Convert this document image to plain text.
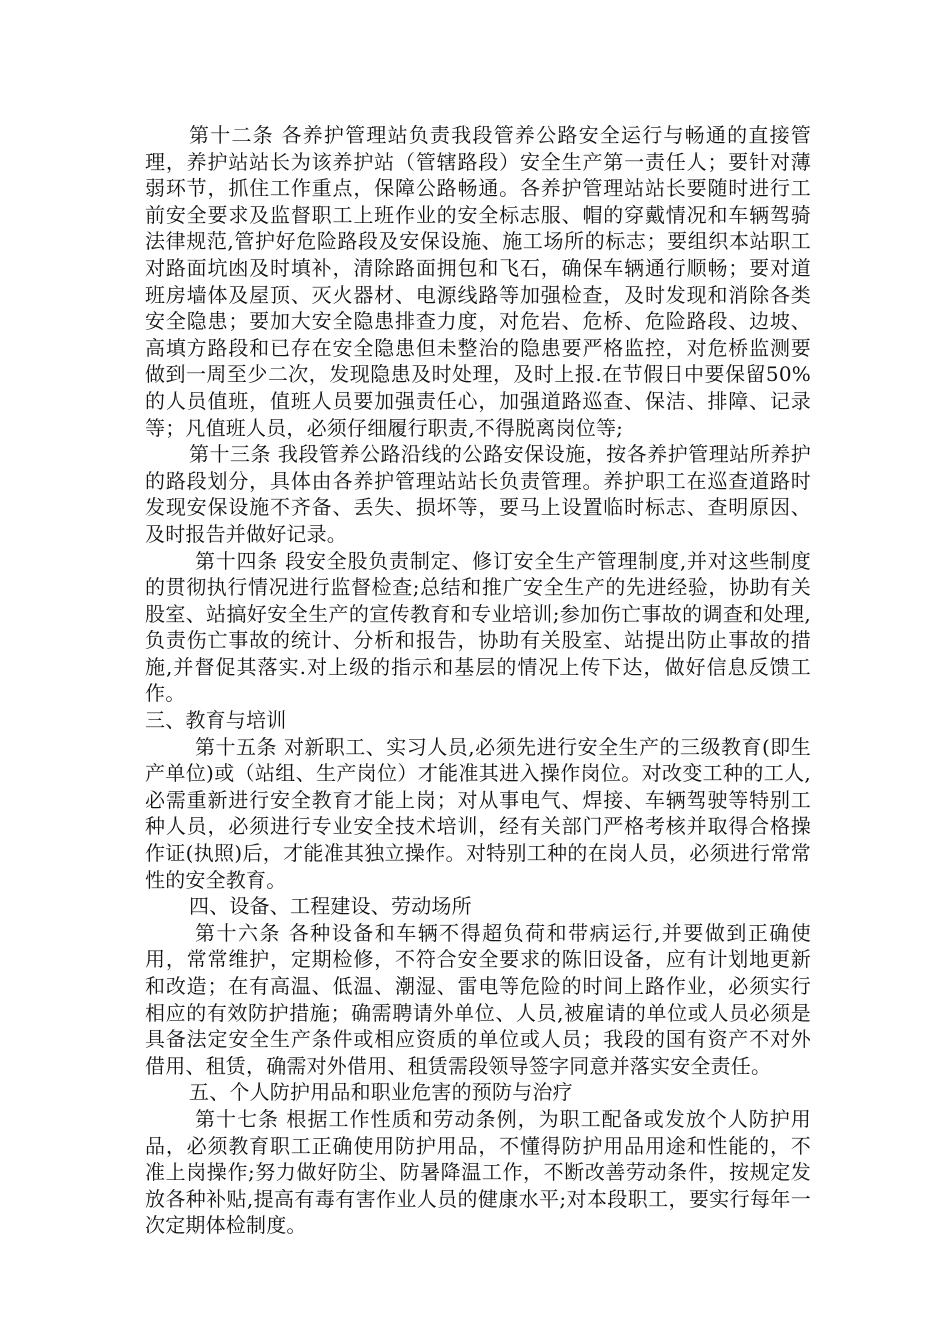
第十二条 各养护管理站负责我段管养公路安全运行与畅通的直接管理，养护站站长为该养护站（管辖路段）安全生产第一责任人；要针对薄弱环节，抓住工作重点，保障公路畅通。各养护管理站站长要随时进行工前安全要求及监督职工上班作业的安全标志服、帽的穿戴情况和车辆驾骑法律规范,管护好危险路段及安保设施、施工场所的标志；要组织本站职工对路面坑凼及时填补，清除路面拥包和飞石，确保车辆通行顺畅；要对道班房墙体及屋顶、灭火器材、电源线路等加强检查，及时发现和消除各类安全隐患；要加大安全隐患排查力度，对危岩、危桥、危险路段、边坡、高填方路段和已存在安全隐患但未整治的隐患要严格监控，对危桥监测要做到一周至少二次，发现隐患及时处理，及时上报.在节假日中要保留50%的人员值班，值班人员要加强责任心，加强道路巡查、保洁、排障、记录等；凡值班人员，必须仔细履行职责,不得脱离岗位等;

第十三条 我段管养公路沿线的公路安保设施，按各养护管理站所养护的路段划分，具体由各养护管理站站长负责管理。养护职工在巡查道路时发现安保设施不齐备、丢失、损坏等，要马上设置临时标志、查明原因、及时报告并做好记录。

第十四条 段安全股负责制定、修订安全生产管理制度,并对这些制度的贯彻执行情况进行监督检查;总结和推广安全生产的先进经验，协助有关股室、站搞好安全生产的宣传教育和专业培训;参加伤亡事故的调查和处理,负责伤亡事故的统计、分析和报告，协助有关股室、站提出防止事故的措施,并督促其落实.对上级的指示和基层的情况上传下达，做好信息反馈工作。

三、教育与培训

第十五条 对新职工、实习人员,必须先进行安全生产的三级教育(即生产单位)或（站组、生产岗位）才能准其进入操作岗位。对改变工种的工人,必需重新进行安全教育才能上岗；对从事电气、焊接、车辆驾驶等特别工种人员，必须进行专业安全技术培训，经有关部门严格考核并取得合格操作证(执照)后，才能准其独立操作。对特别工种的在岗人员，必须进行常常性的安全教育。

四、设备、工程建设、劳动场所

第十六条 各种设备和车辆不得超负荷和带病运行,并要做到正确使用，常常维护，定期检修，不符合安全要求的陈旧设备，应有计划地更新和改造；在有高温、低温、潮湿、雷电等危险的时间上路作业，必须实行相应的有效防护措施；确需聘请外单位、人员,被雇请的单位或人员必须是具备法定安全生产条件或相应资质的单位或人员；我段的国有资产不对外借用、租赁，确需对外借用、租赁需段领导签字同意并落实安全责任。

五、个人防护用品和职业危害的预防与治疗

第十七条 根据工作性质和劳动条例，为职工配备或发放个人防护用品，必须教育职工正确使用防护用品，不懂得防护用品用途和性能的，不准上岗操作;努力做好防尘、防暑降温工作，不断改善劳动条件，按规定发放各种补贴,提高有毒有害作业人员的健康水平;对本段职工，要实行每年一次定期体检制度。
